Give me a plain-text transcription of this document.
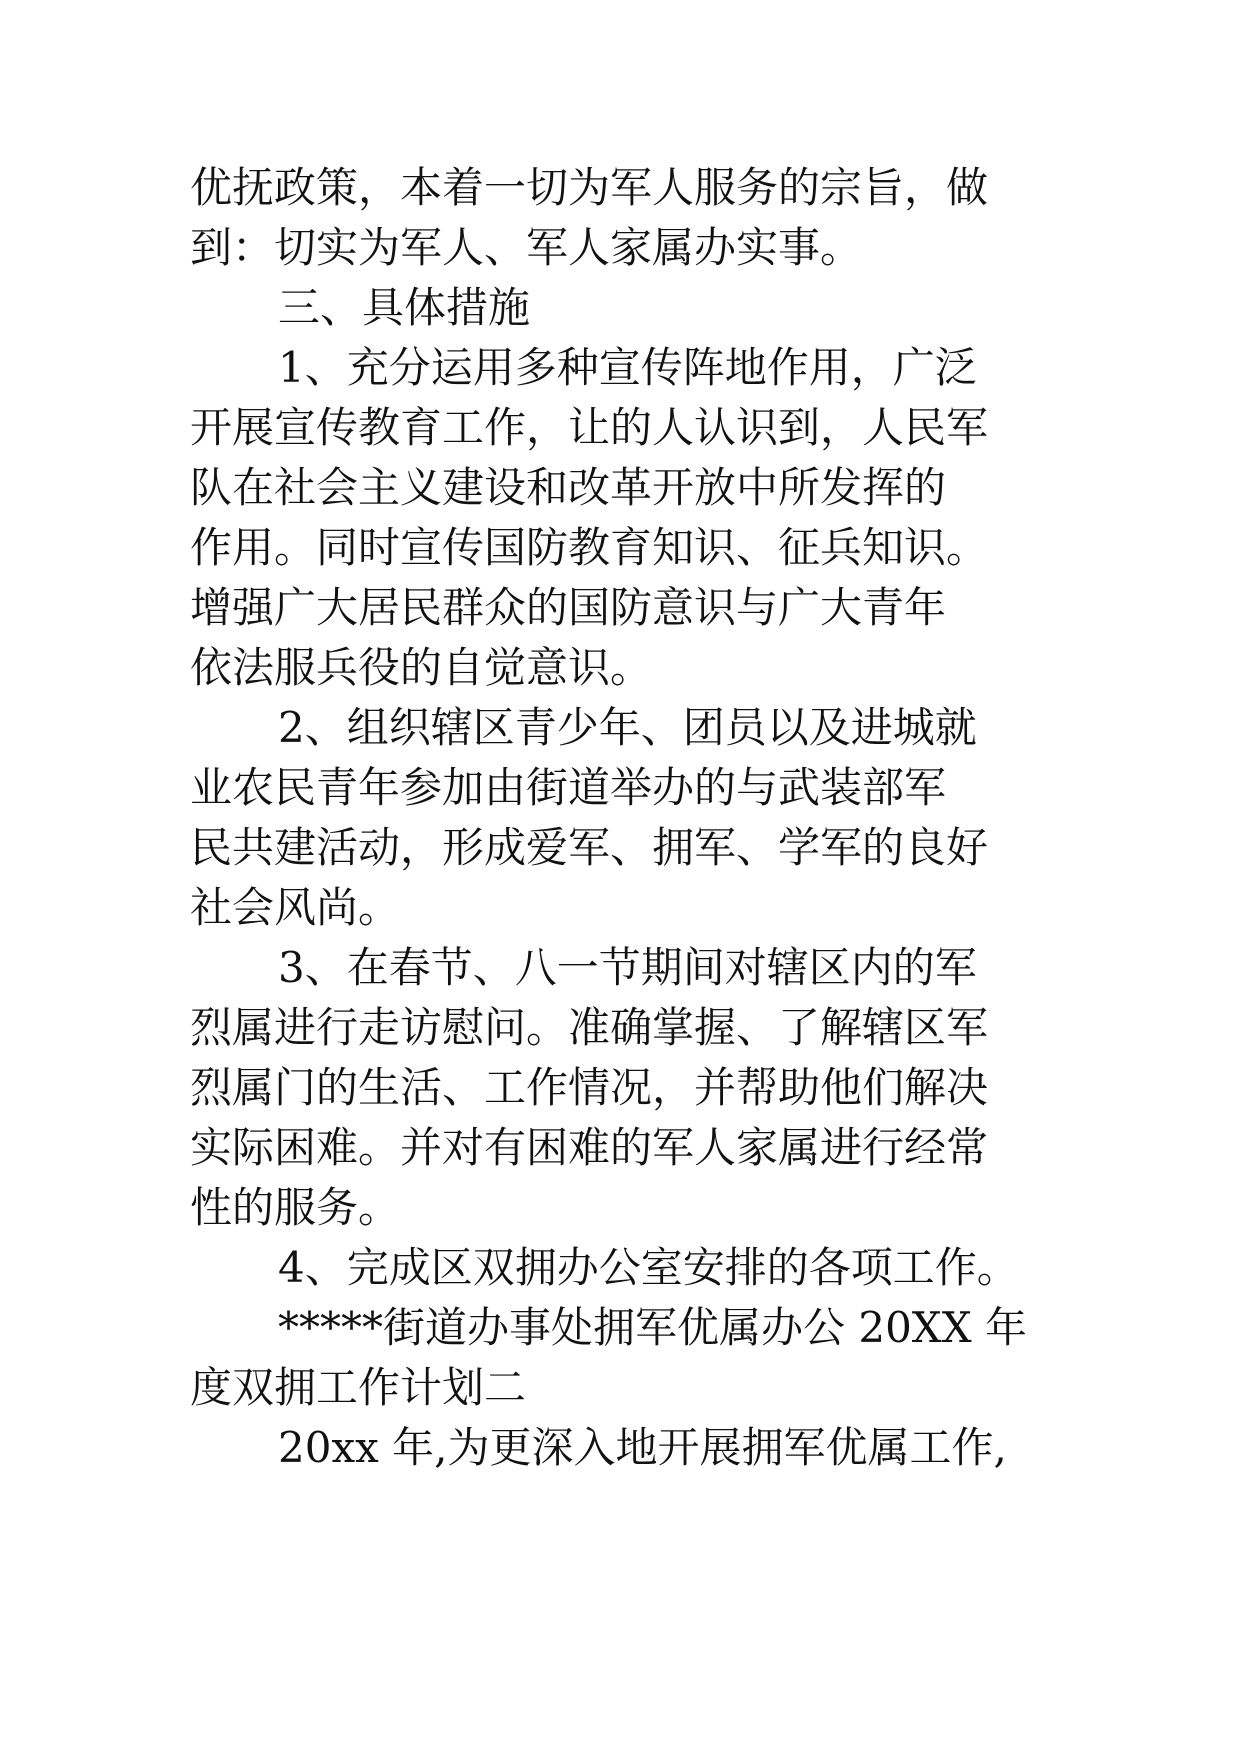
优抚政策，本着一切为军人服务的宗旨，做
到：切实为军人、军人家属办实事。
三、具体措施
1、充分运用多种宣传阵地作用，广泛
开展宣传教育工作，让的人认识到，人民军
队在社会主义建设和改革开放中所发挥的
作用。同时宣传国防教育知识、征兵知识。
增强广大居民群众的国防意识与广大青年
依法服兵役的自觉意识。
2、组织辖区青少年、团员以及进城就
业农民青年参加由街道举办的与武装部军
民共建活动，形成爱军、拥军、学军的良好
社会风尚。
3、在春节、八一节期间对辖区内的军
烈属进行走访慰问。准确掌握、了解辖区军
烈属门的生活、工作情况，并帮助他们解决
实际困难。并对有困难的军人家属进行经常
性的服务。
4、完成区双拥办公室安排的各项工作。
*****街道办事处拥军优属办公 20XX 年
度双拥工作计划二
20xx 年,为更深入地开展拥军优属工作,
